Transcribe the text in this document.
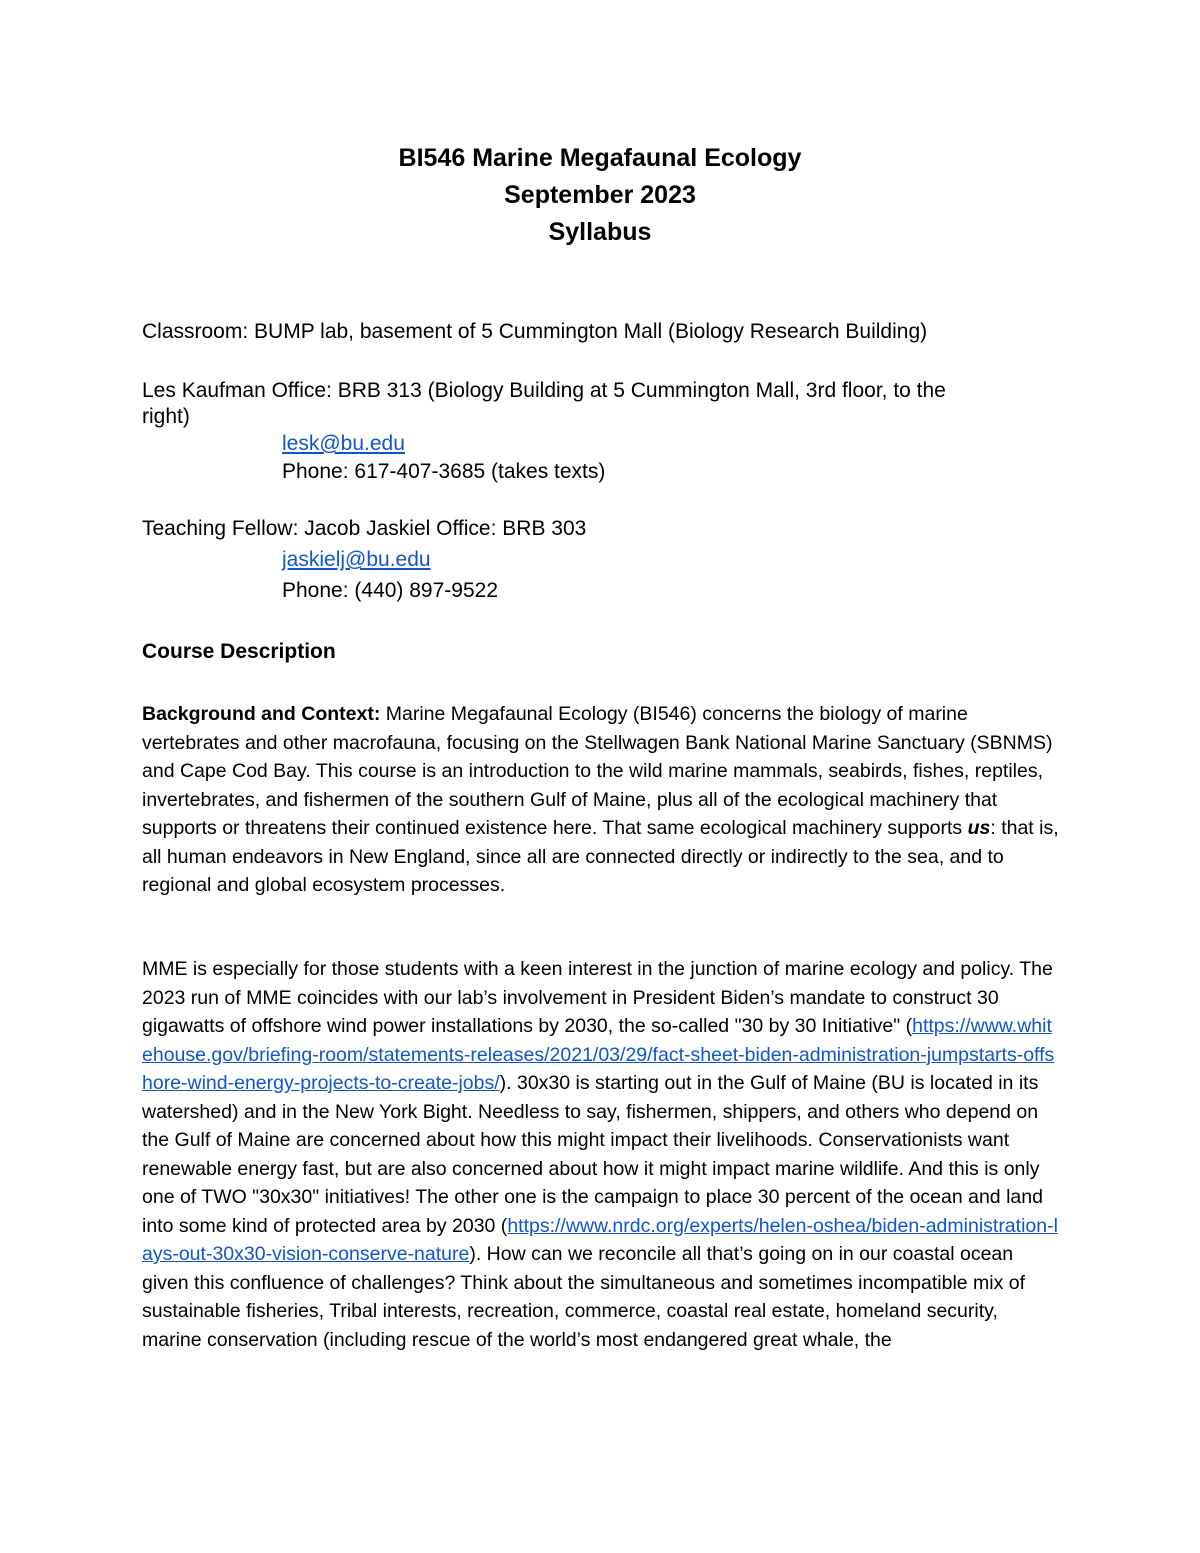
BI546 Marine Megafaunal Ecology
September 2023
Syllabus
Classroom: BUMP lab, basement of 5 Cummington Mall (Biology Research Building)
Les Kaufman Office: BRB 313 (Biology Building at 5 Cummington Mall, 3rd floor, to the
right)
lesk@bu.edu
Phone: 617-407-3685 (takes texts)
Teaching Fellow: Jacob Jaskiel Office: BRB 303
jaskielj@bu.edu
Phone: (440) 897-9522
Course Description

Background and Context: Marine Megafaunal Ecology (BI546) concerns the biology of marine vertebrates and other macrofauna, focusing on the Stellwagen Bank National Marine Sanctuary (SBNMS) and Cape Cod Bay. This course is an introduction to the wild marine mammals, seabirds, fishes, reptiles, invertebrates, and fishermen of the southern Gulf of Maine, plus all of the ecological machinery that supports or threatens their continued existence here. That same ecological machinery supports us: that is, all human endeavors in New England, since all are connected directly or indirectly to the sea, and to regional and global ecosystem processes.

MME is especially for those students with a keen interest in the junction of marine ecology and policy. The 2023 run of MME coincides with our lab’s involvement in President Biden’s mandate to construct 30 gigawatts of offshore wind power installations by 2030, the so-called "30 by 30 Initiative" (https://www.whitehouse.gov/briefing-room/statements-releases/2021/03/29/fact-sheet-biden-administration-jumpstarts-offshore-wind-energy-projects-to-create-jobs/). 30x30 is starting out in the Gulf of Maine (BU is located in its watershed) and in the New York Bight. Needless to say, fishermen, shippers, and others who depend on the Gulf of Maine are concerned about how this might impact their livelihoods. Conservationists want renewable energy fast, but are also concerned about how it might impact marine wildlife. And this is only one of TWO "30x30" initiatives! The other one is the campaign to place 30 percent of the ocean and land into some kind of protected area by 2030 (https://www.nrdc.org/experts/helen-oshea/biden-administration-lays-out-30x30-vision-conserve-nature). How can we reconcile all that’s going on in our coastal ocean given this confluence of challenges? Think about the simultaneous and sometimes incompatible mix of sustainable fisheries, Tribal interests, recreation, commerce, coastal real estate, homeland security, marine conservation (including rescue of the world’s most endangered great whale, the
